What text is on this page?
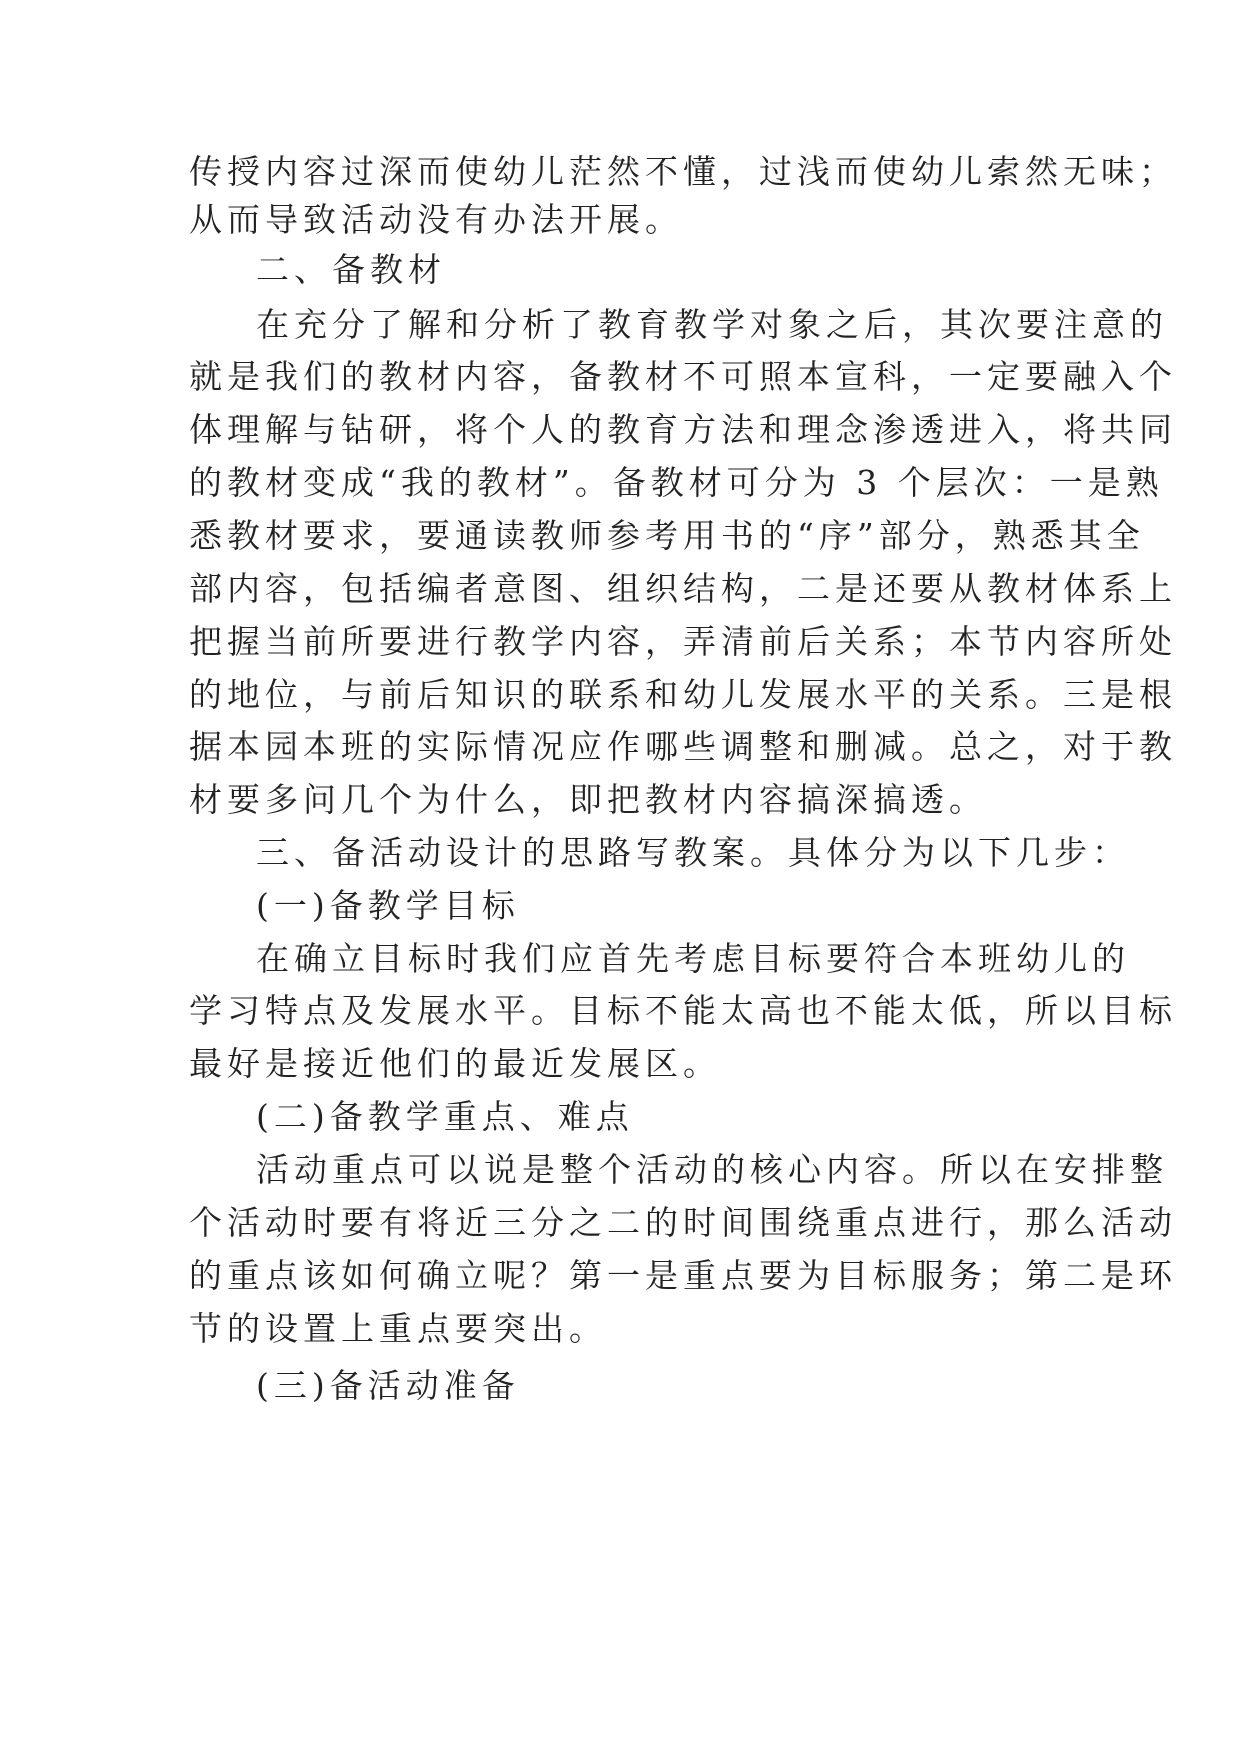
传授内容过深而使幼儿茫然不懂，过浅而使幼儿索然无味；

从而导致活动没有办法开展。

二、备教材

在充分了解和分析了教育教学对象之后，其次要注意的

就是我们的教材内容，备教材不可照本宣科，一定要融入个

体理解与钻研，将个人的教育方法和理念渗透进入，将共同

的教材变成“我的教材”。备教材可分为 3 个层次：一是熟

悉教材要求，要通读教师参考用书的“序”部分，熟悉其全

部内容，包括编者意图、组织结构，二是还要从教材体系上

把握当前所要进行教学内容，弄清前后关系；本节内容所处

的地位，与前后知识的联系和幼儿发展水平的关系。三是根

据本园本班的实际情况应作哪些调整和删减。总之，对于教

材要多问几个为什么，即把教材内容搞深搞透。

三、备活动设计的思路写教案。具体分为以下几步：

(一)备教学目标

在确立目标时我们应首先考虑目标要符合本班幼儿的

学习特点及发展水平。目标不能太高也不能太低，所以目标

最好是接近他们的最近发展区。

(二)备教学重点、难点

活动重点可以说是整个活动的核心内容。所以在安排整

个活动时要有将近三分之二的时间围绕重点进行，那么活动

的重点该如何确立呢？第一是重点要为目标服务；第二是环

节的设置上重点要突出。

(三)备活动准备
